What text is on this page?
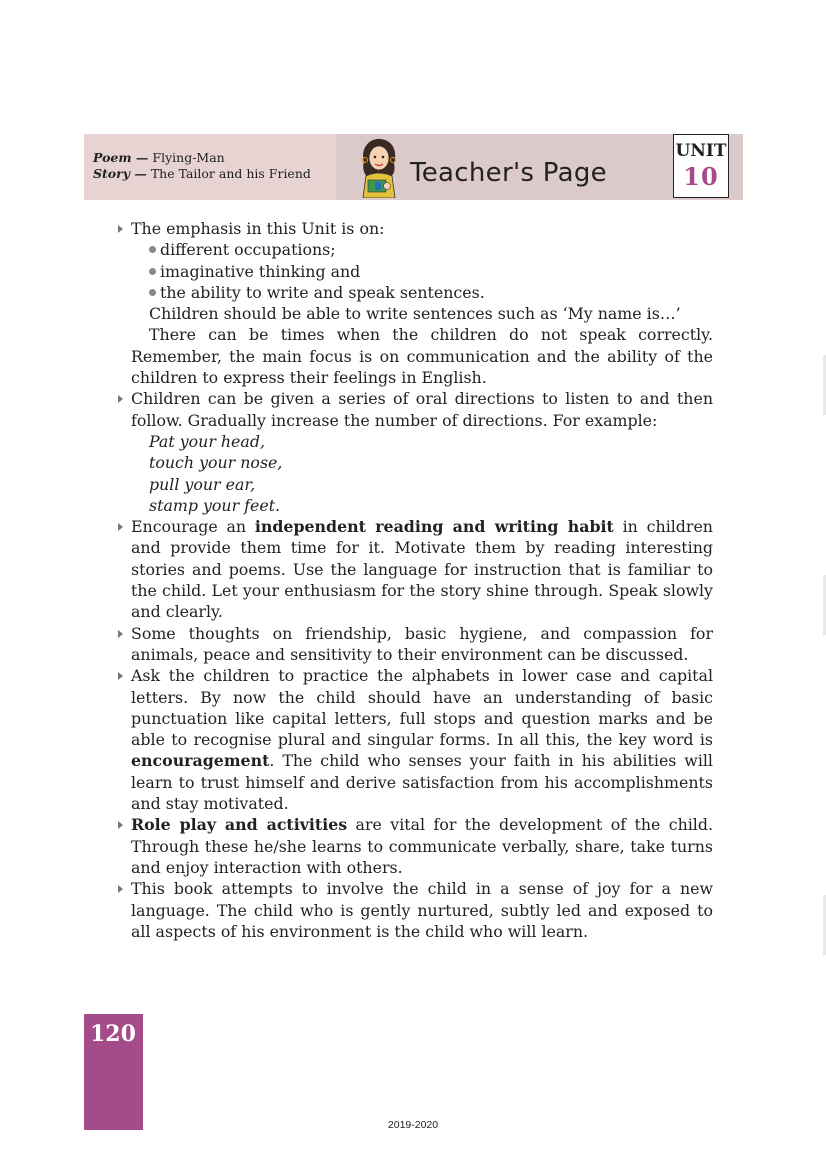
Poem — Flying-Man
Story — The Tailor and his Friend	Teacher's Page
UNIT
10
The emphasis in this Unit is on:
different occupations;
imaginative thinking and
the ability to write and speak sentences.
Children should be able to write sentences such as ‘My name is…’
There can be times when the children do not speak correctly. Remember, the main focus is on communication and the ability of the children to express their feelings in English.
Children can be given a series of oral directions to listen to and then follow. Gradually increase the number of directions. For example:
Pat your head,
touch your nose,
pull your ear,
stamp your feet.
Encourage an independent reading and writing habit in children and provide them time for it. Motivate them by reading interesting stories and poems. Use the language for instruction that is familiar to the child. Let your enthusiasm for the story shine through. Speak slowly and clearly.
Some thoughts on friendship, basic hygiene, and compassion for animals, peace and sensitivity to their environment can be discussed.
Ask the children to practice the alphabets in lower case and capital letters. By now the child should have an understanding of basic punctuation like capital letters, full stops and question marks and be able to recognise plural and singular forms. In all this, the key word is encouragement. The child who senses your faith in his abilities will learn to trust himself and derive satisfaction from his accomplishments and stay motivated.
Role play and activities are vital for the development of the child. Through these he/she learns to communicate verbally, share, take turns and enjoy interaction with others.
This book attempts to involve the child in a sense of joy for a new language. The child who is gently nurtured, subtly led and exposed to all aspects of his environment is the child who will learn.
120
2019-2020
